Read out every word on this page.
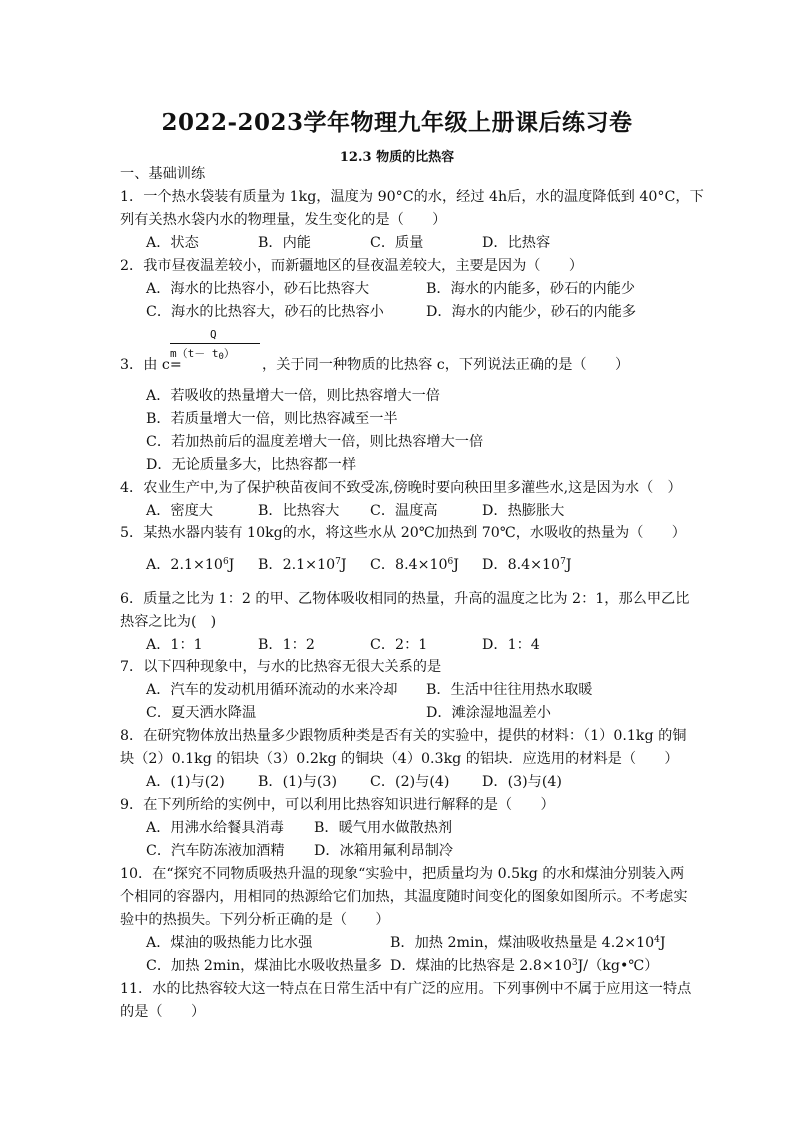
2022-2023学年物理九年级上册课后练习卷
12.3 物质的比热容
一、基础训练
1．一个热水袋装有质量为 1kg，温度为 90°C的水，经过 4h后，水的温度降低到 40°C，下
列有关热水袋内水的物理量，发生变化的是（　　）
A．状态	B．内能	C．质量	D．比热容
2．我市昼夜温差较小，而新疆地区的昼夜温差较大，主要是因为（　　）
A．海水的比热容小，砂石比热容大	B．海水的内能多，砂石的内能少
C．海水的比热容大，砂石的比热容小	D．海水的内能少，砂石的内能多
Q
$m(t- t_0)$
3．由 c=	，关于同一种物质的比热容 c，下列说法正确的是（　　）
A．若吸收的热量增大一倍，则比热容增大一倍
B．若质量增大一倍，则比热容减至一半
C．若加热前后的温度差增大一倍，则比热容增大一倍
D．无论质量多大，比热容都一样
4．农业生产中,为了保护秧苗夜间不致受冻,傍晚时要向秧田里多灌些水,这是因为水（　）
A．密度大	B．比热容大 C．温度高	D．热膨胀大
5．某热水器内装有 10kg的水，将这些水从 20℃加热到 70℃，水吸收的热量为（　　）
A．$2.1\times 10^6J$ B．$2.1\times 10^7J$ C．$8.4\times 10^6J$ D．$8.4\times 10^7J$
6．质量之比为 1：2 的甲、乙物体吸收相同的热量，升高的温度之比为 2：1，那么甲乙比
热容之比为(　)
A．1：1	B．1：2	C．2：1	D．1：4
7．以下四种现象中，与水的比热容无很大关系的是
A．汽车的发动机用循环流动的水来冷却 B．生活中往往用热水取暖
C．夏天洒水降温	D．滩涂湿地温差小
8．在研究物体放出热量多少跟物质种类是否有关的实验中，提供的材料：（1）0.1kg 的铜
块（2）0.1kg 的铝块（3）0.2kg 的铜块（4）0.3kg 的铝块．应选用的材料是（　　）
A．(1)与(2) B．(1)与(3) C．(2)与(4) D．(3)与(4)
9．在下列所给的实例中，可以利用比热容知识进行解释的是（　　）
A．用沸水给餐具消毒 B．暖气用水做散热剂
C．汽车防冻液加酒精 D．冰箱用氟利昂制冷
10．在“探究不同物质吸热升温的现象“实验中，把质量均为 0.5kg 的水和煤油分别装入两
个相同的容器内，用相同的热源给它们加热，其温度随时间变化的图象如图所示。不考虑实
验中的热损失。下列分析正确的是（　　）
A．煤油的吸热能力比水强	B．加热 2min，煤油吸收热量是 $4.2\times 10^4J$
C．加热 2min，煤油比水吸收热量多 D．煤油的比热容是 $2.8\times 10^3J/(kg•℃)$
11．水的比热容较大这一特点在日常生活中有广泛的应用。下列事例中不属于应用这一特点
的是（　　）
